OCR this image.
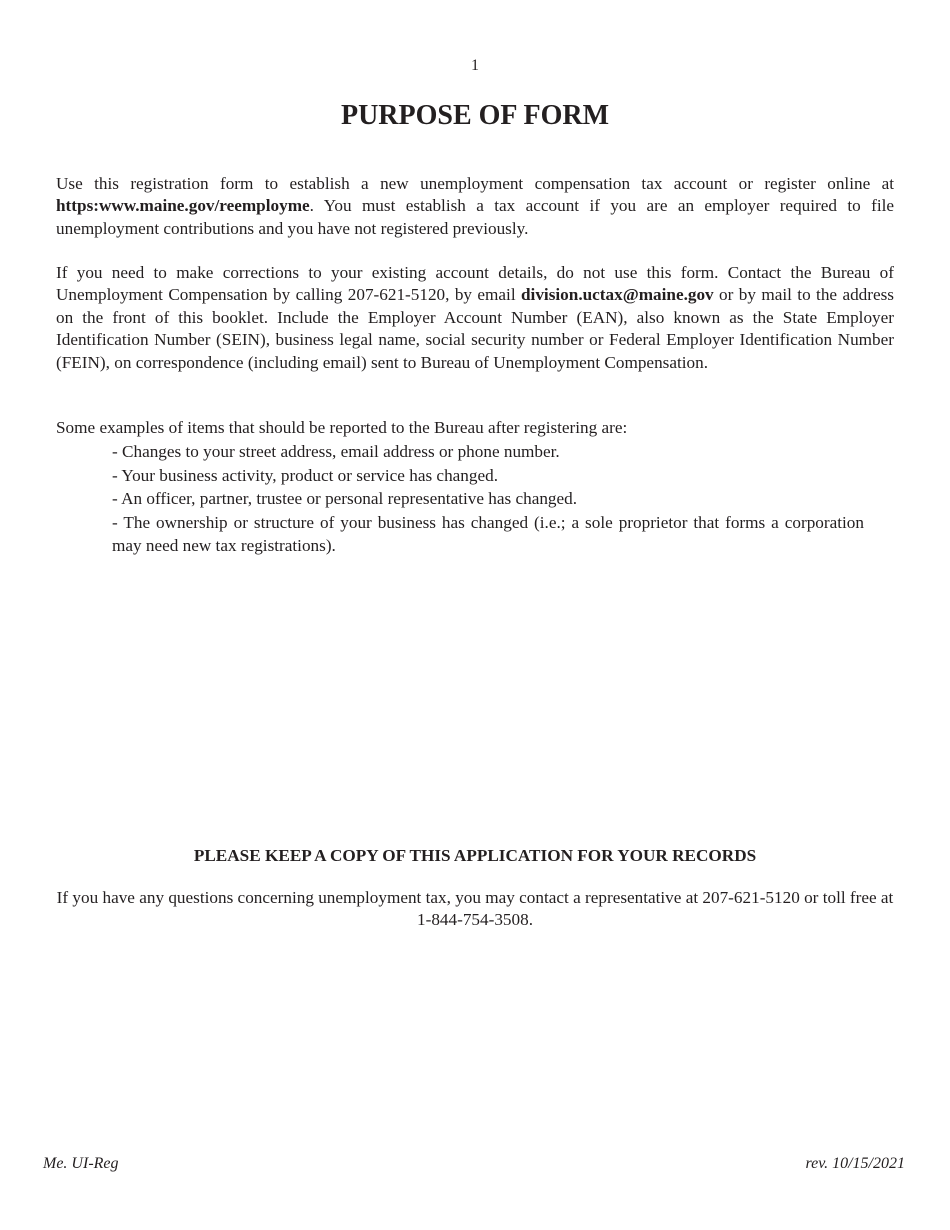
1
PURPOSE OF FORM

Use this registration form to establish a new unemployment compensation tax account or register online at https:www.maine.gov/reemployme. You must establish a tax account if you are an employer required to file unemployment contributions and you have not registered previously.

If you need to make corrections to your existing account details, do not use this form. Contact the Bureau of Unemployment Compensation by calling 207-621-5120, by email division.uctax@maine.gov or by mail to the address on the front of this booklet. Include the Employer Account Number (EAN), also known as the State Employer Identification Number (SEIN), business legal name, social security number or Federal Employer Identification Number (FEIN), on correspondence (including email) sent to Bureau of Unemployment Compensation.

Some examples of items that should be reported to the Bureau after registering are:

- Changes to your street address, email address or phone number.
- Your business activity, product or service has changed.
- An officer, partner, trustee or personal representative has changed.
- The ownership or structure of your business has changed (i.e.; a sole proprietor that forms a corporation may need new tax registrations).

PLEASE KEEP A COPY OF THIS APPLICATION FOR YOUR RECORDS

If you have any questions concerning unemployment tax, you may contact a representative at 207-621-5120 or toll free at 1-844-754-3508.

Me. UI-Reg	rev. 10/15/2021
